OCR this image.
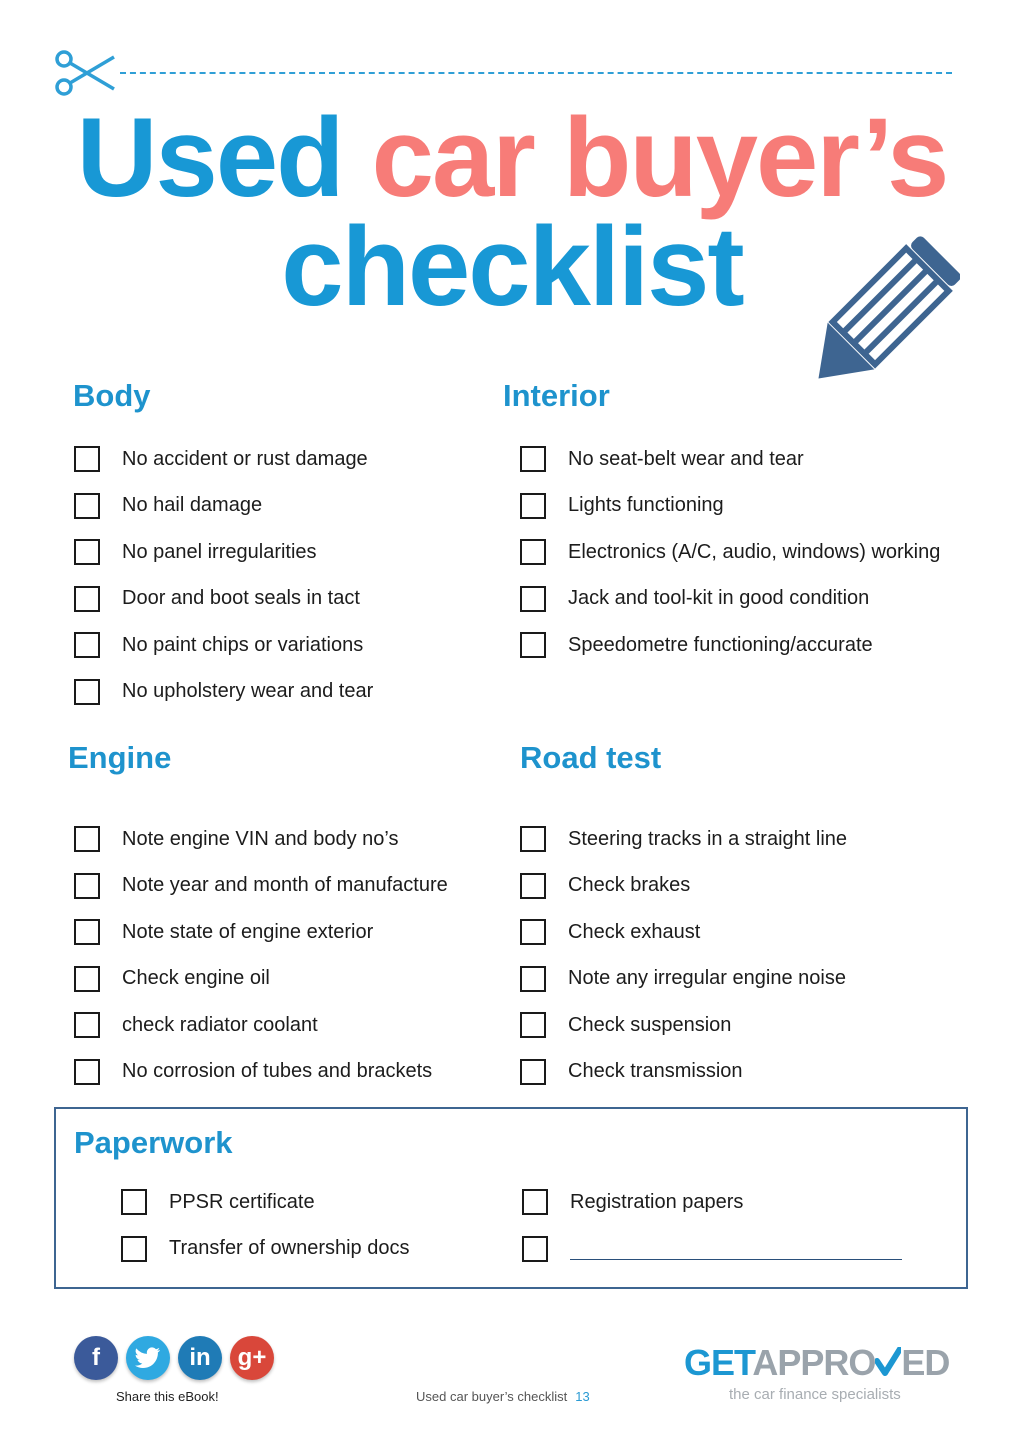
Used car buyer’s
checklist
Body
No accident or rust damage
No hail damage
No panel irregularities
Door and boot seals in tact
No paint chips or variations
No upholstery wear and tear
Interior
No seat-belt wear and tear
Lights functioning
Electronics (A/C, audio, windows) working
Jack and tool-kit in good condition
Speedometre functioning/accurate
Engine
Note engine VIN and body no’s
Note year and month of manufacture
Note state of engine exterior
Check engine oil
check radiator coolant
No corrosion of tubes and brackets
Road test
Steering tracks in a straight line
Check brakes
Check exhaust
Note any irregular engine noise
Check suspension
Check transmission
Paperwork
PPSR certificate
Transfer of ownership docs
Registration papers
f	in g+
Share this eBook!	Used car buyer’s checklist 13
GETAPPRO ED
the car finance specialists
